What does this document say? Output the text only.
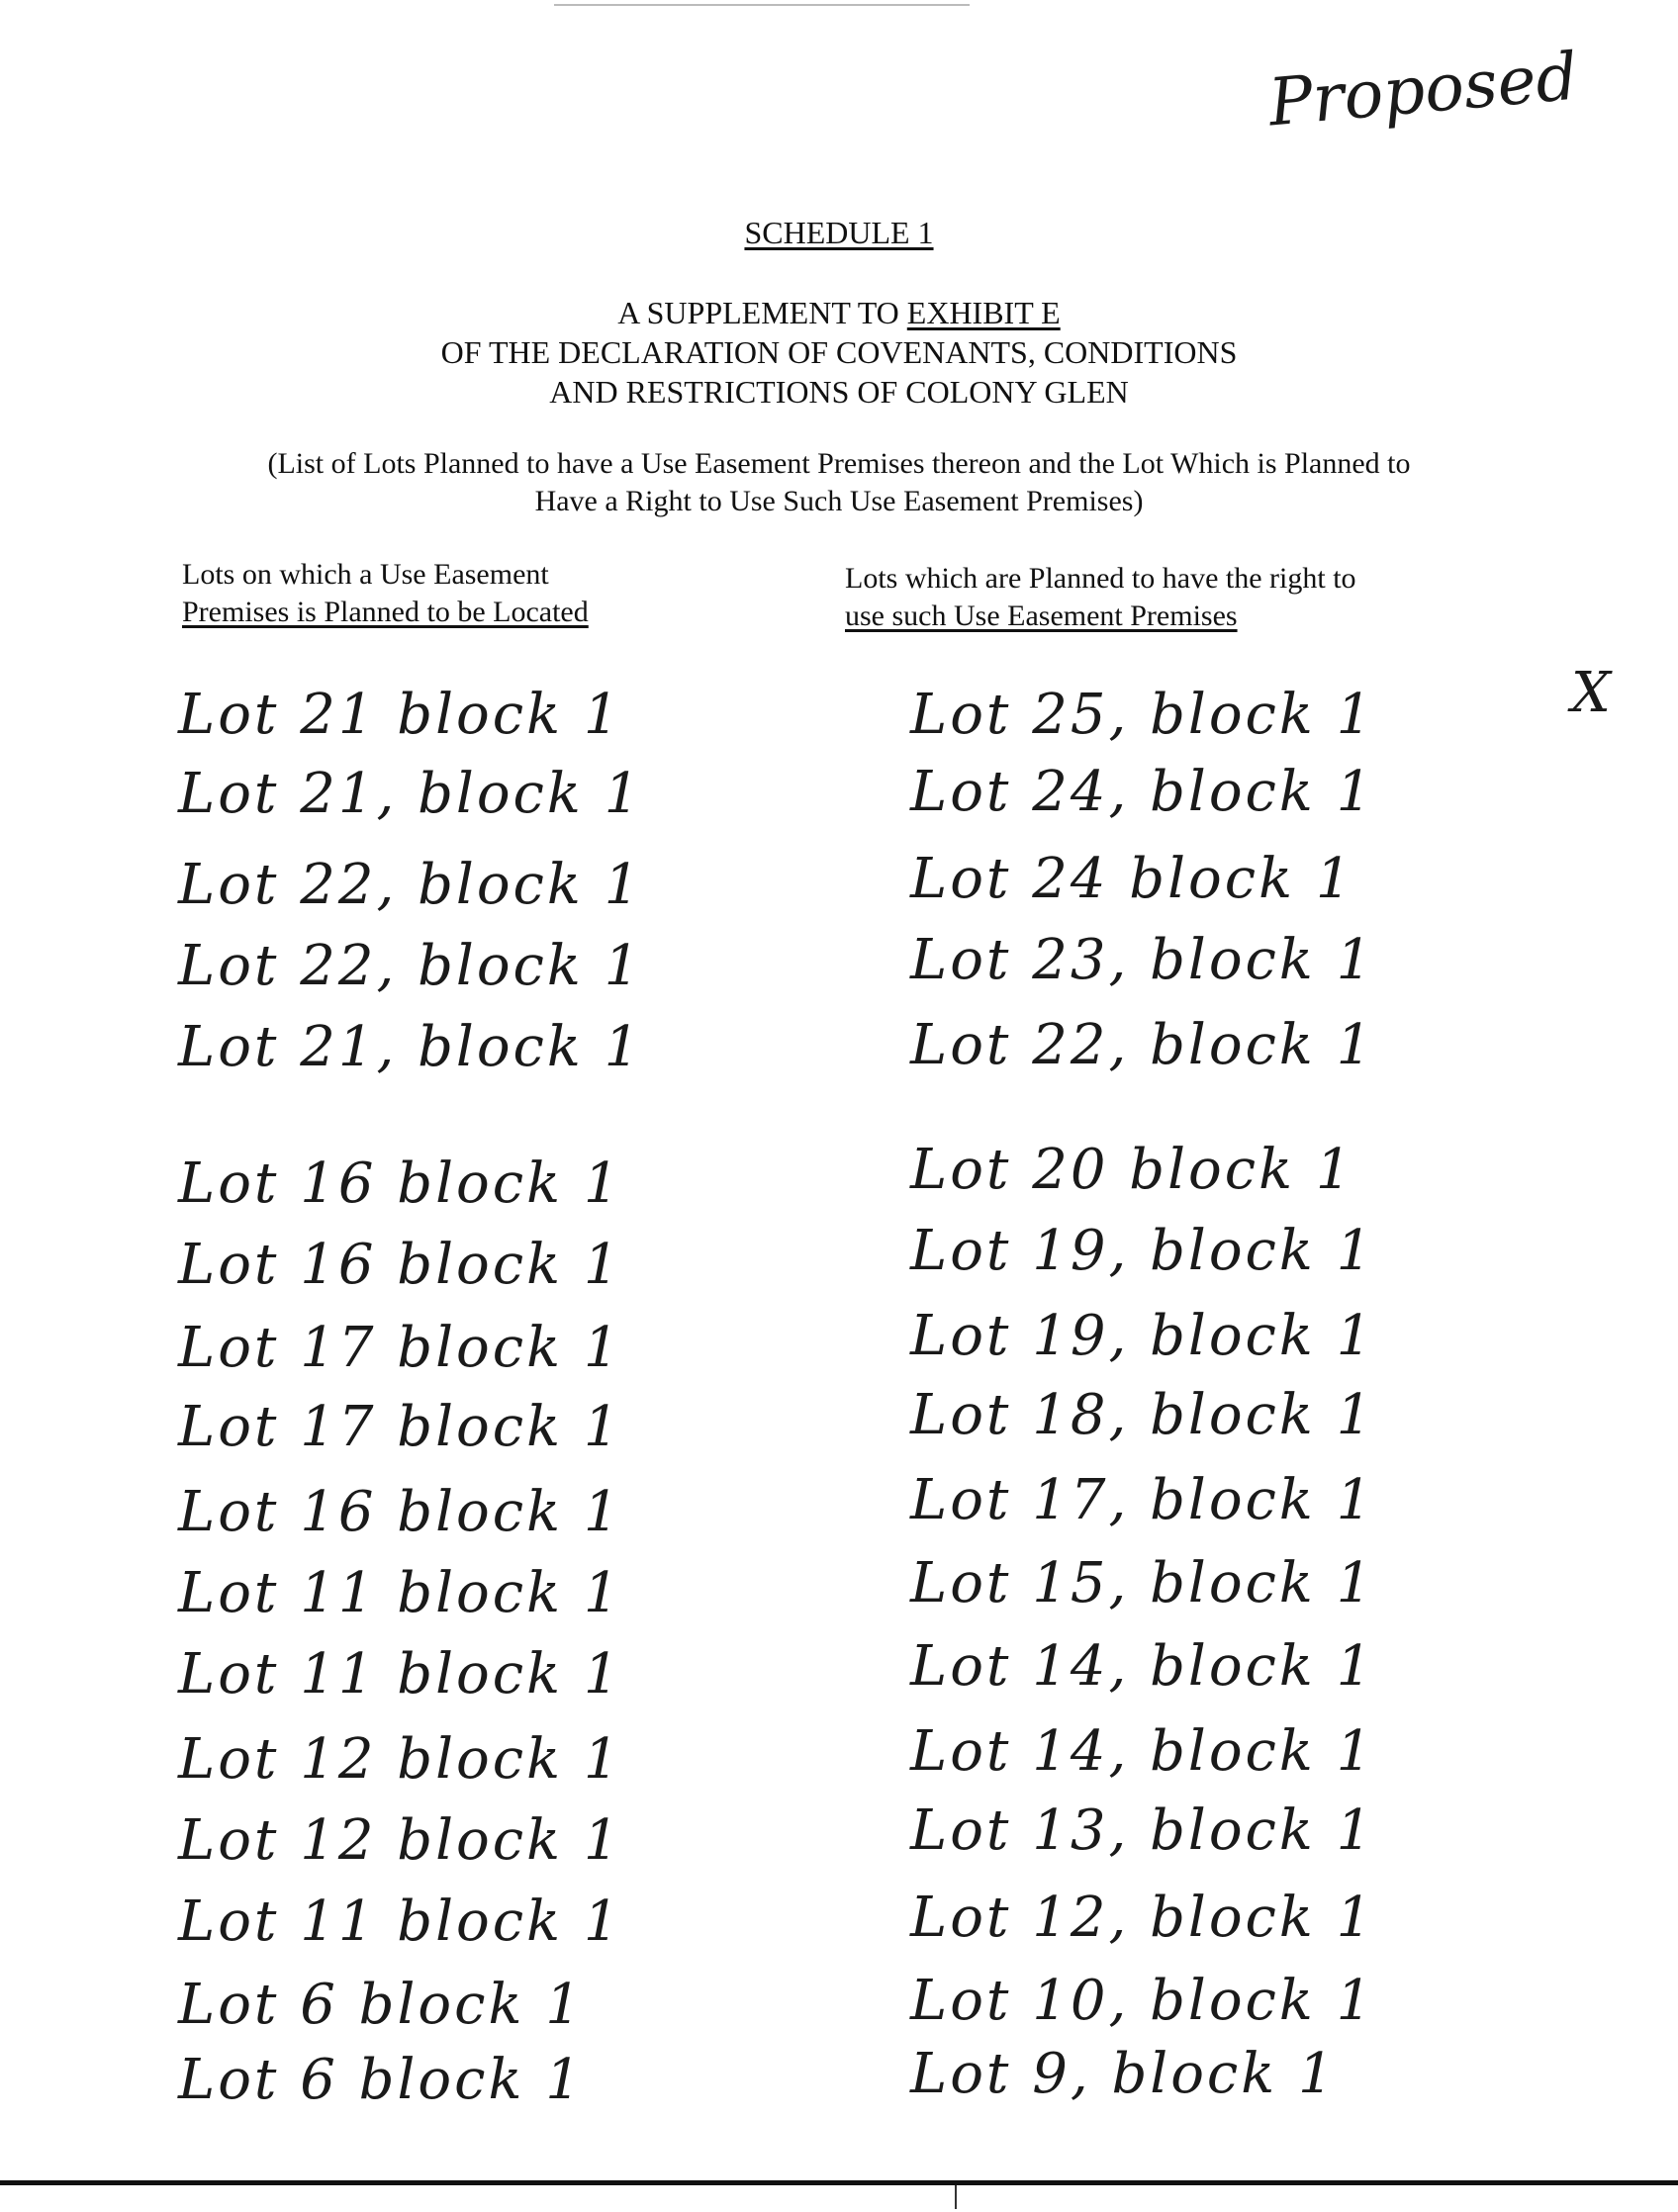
Proposed
SCHEDULE 1
A SUPPLEMENT TO EXHIBIT E
OF THE DECLARATION OF COVENANTS, CONDITIONS
AND RESTRICTIONS OF COLONY GLEN
(List of Lots Planned to have a Use Easement Premises thereon and the Lot Which is Planned to
Have a Right to Use Such Use Easement Premises)
Lots on which a Use Easement
Premises is Planned to be Located
Lots which are Planned to have the right to
use such Use Easement Premises
Lot 21 block 1
Lot 21, block 1
Lot 22, block 1
Lot 22, block 1
Lot 21, block 1
Lot 16 block 1
Lot 16 block 1
Lot 17 block 1
Lot 17 block 1
Lot 16 block 1
Lot 11 block 1
Lot 11 block 1
Lot 12 block 1
Lot 12 block 1
Lot 11 block 1
Lot 6 block 1
Lot 6 block 1
Lot 25, block 1
Lot 24, block 1
Lot 24 block 1
Lot 23, block 1
Lot 22, block 1
Lot 20 block 1
Lot 19, block 1
Lot 19, block 1
Lot 18, block 1
Lot 17, block 1
Lot 15, block 1
Lot 14, block 1
Lot 14, block 1
Lot 13, block 1
Lot 12, block 1
Lot 10, block 1
Lot 9, block 1
X
